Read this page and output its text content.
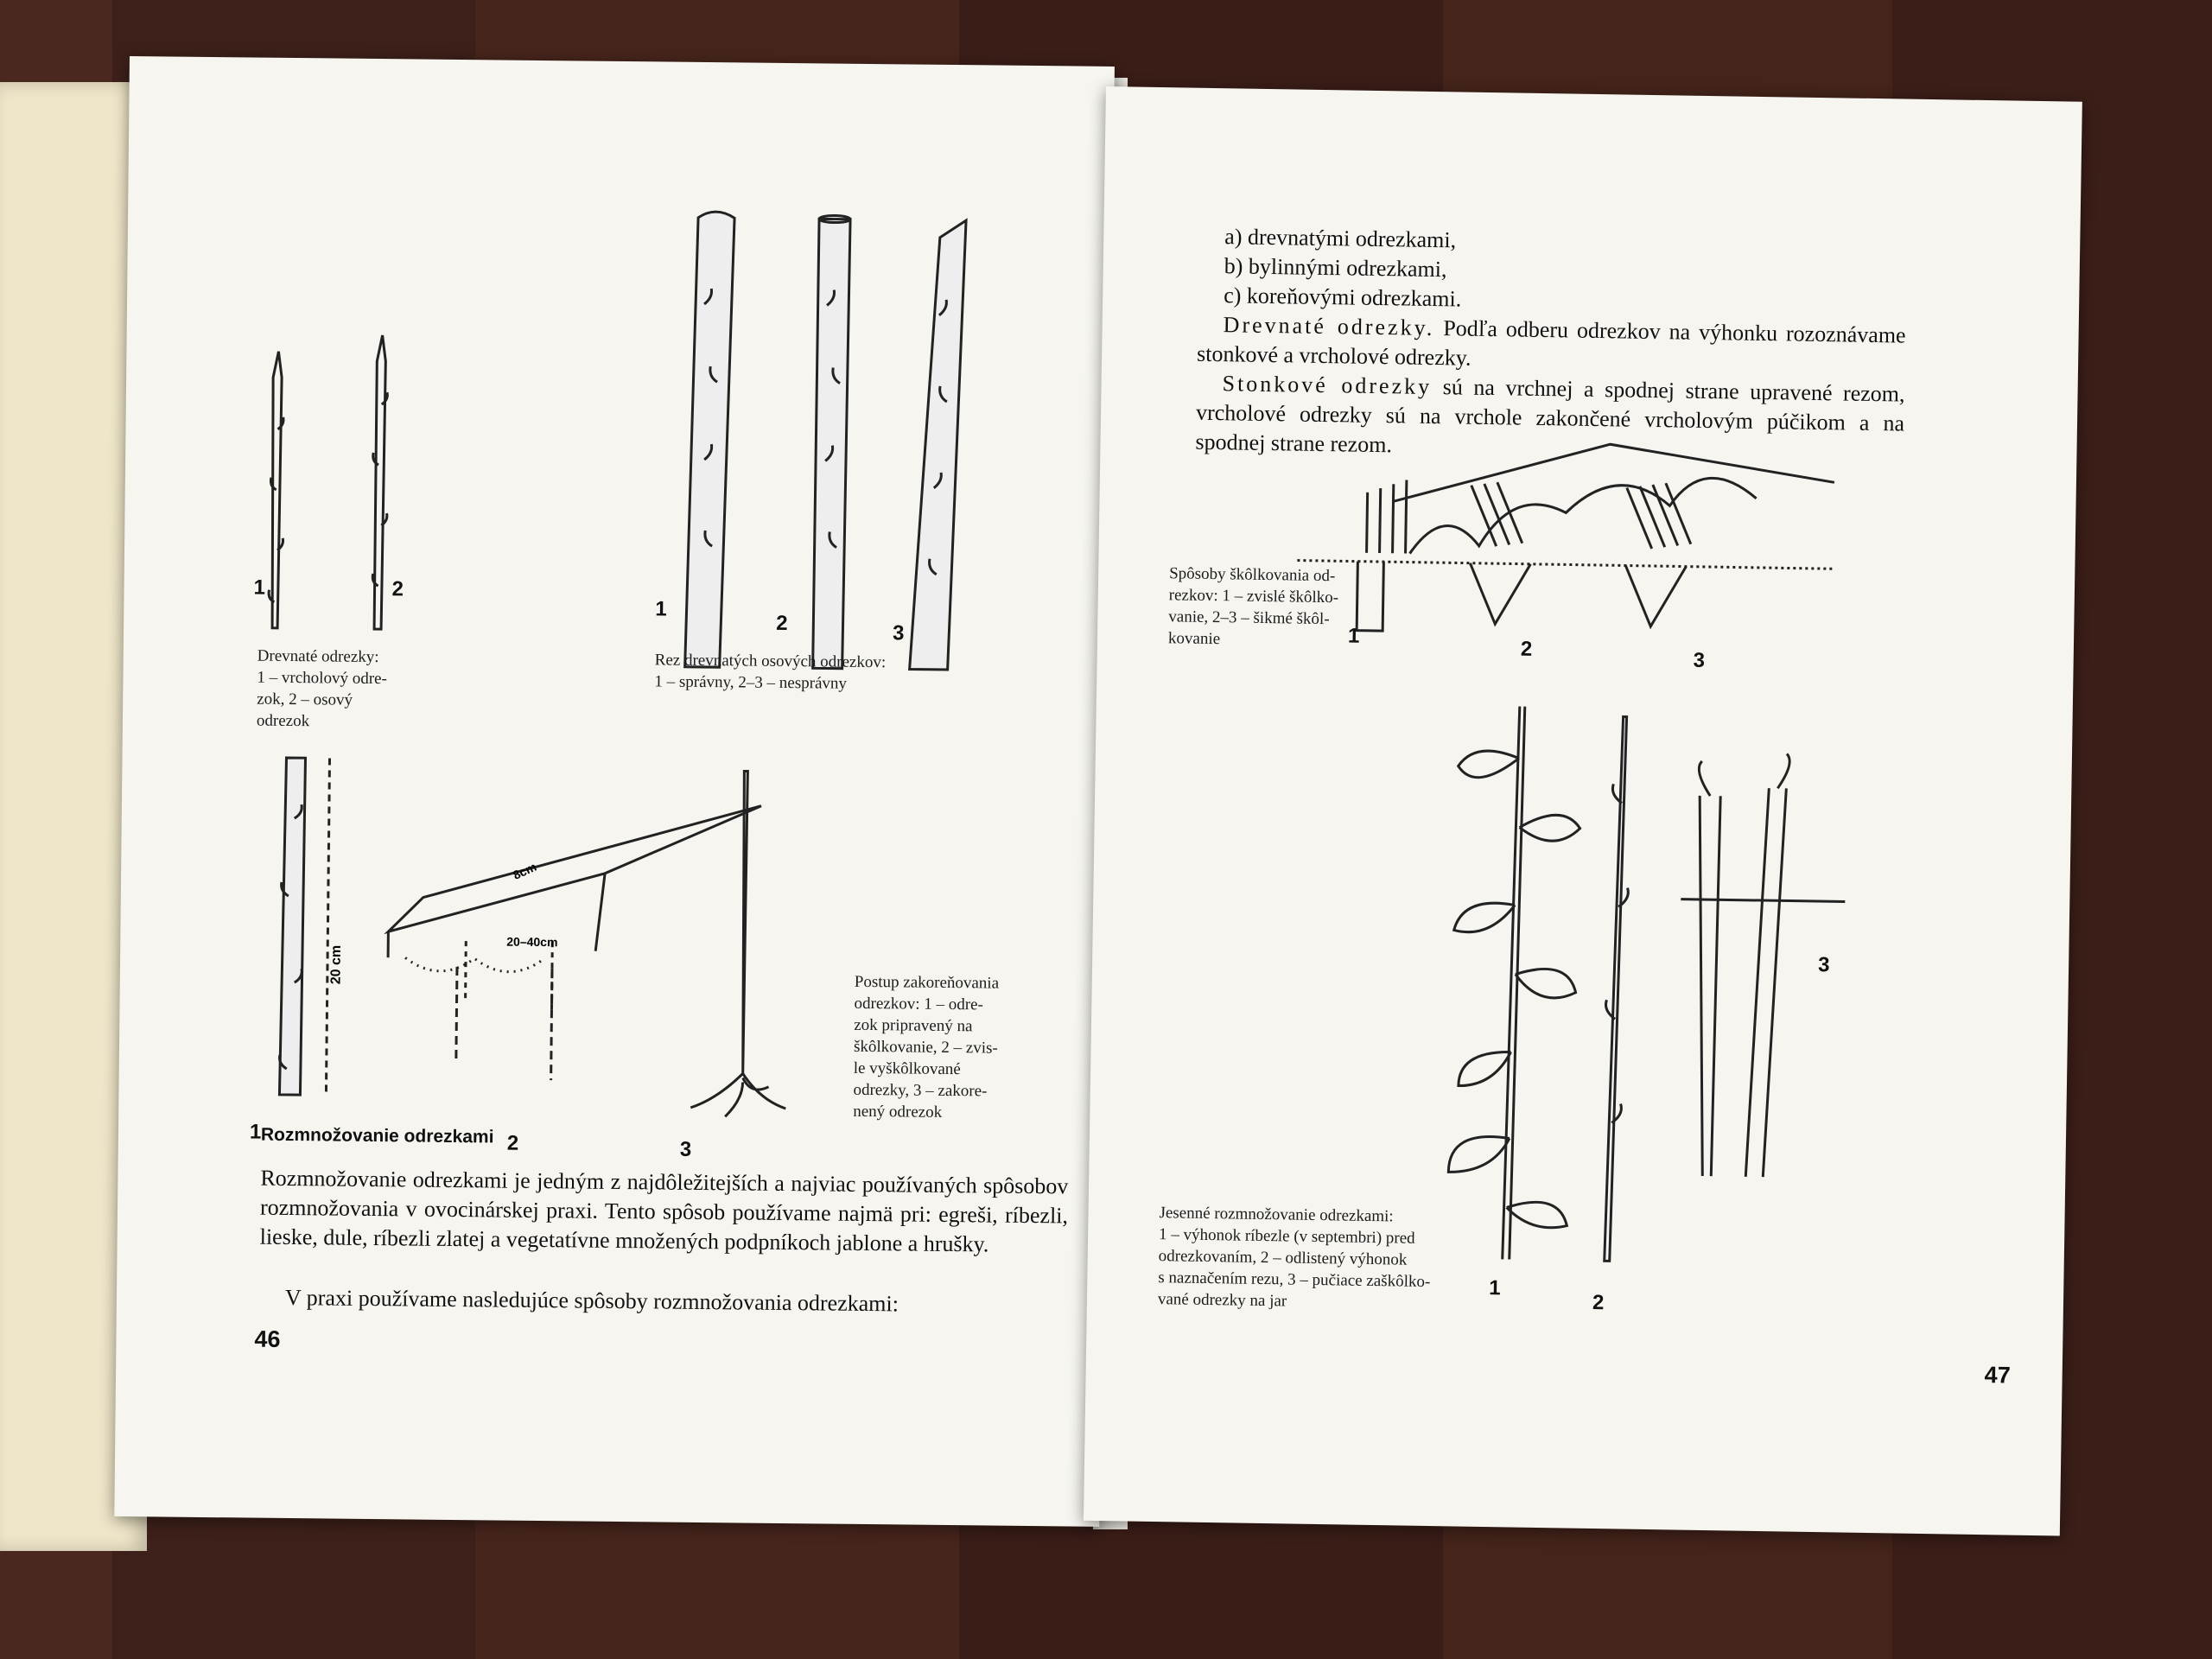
1	2
Drevnaté odrezky:
1 – vrcholový odre-
zok, 2 – osový
odrezok
1
2	3
Rez drevnatých osových odrezkov:
1 – správny, 2–3 – nesprávny
1	2	3
20 cm
8cm
20–40cm
Postup zakoreňovania
odrezkov: 1 – odre-
zok pripravený na
škôlkovanie, 2 – zvis-
le vyškôlkované
odrezky, 3 – zakore-
nený odrezok
Rozmnožovanie odrezkami
Rozmnožovanie odrezkami je jedným z najdôležitejších a najviac používaných spôsobov rozmnožovania v ovocinárskej praxi. Tento spôsob používame najmä pri: egreši, ríbezli, lieske, dule, ríbezli zlatej a vegetatívne množených podpníkoch jablone a hrušky.
V praxi používame nasledujúce spôsoby rozmnožovania odrezkami:
46
a) drevnatými odrezkami,
b) bylinnými odrezkami,
c) koreňovými odrezkami.
Drevnaté odrezky. Podľa odberu odrezkov na výhonku rozoznávame stonkové a vrcholové odrezky.
Stonkové odrezky sú na vrchnej a spodnej strane upravené rezom, vrcholové odrezky sú na vrchole zakončené vrcholovým púčikom a na spodnej strane rezom.
Spôsoby škôlkovania od-
rezkov: 1 – zvislé škôlko-
vanie, 2–3 – šikmé škôl-
kovanie	1
2	3
Jesenné rozmnožovanie odrezkami:
1 – výhonok ríbezle (v septembri) pred
odrezkovaním, 2 – odlistený výhonok
s naznačením rezu, 3 – pučiace zaškôlko-
vané odrezky na jar
1
2
3
47
